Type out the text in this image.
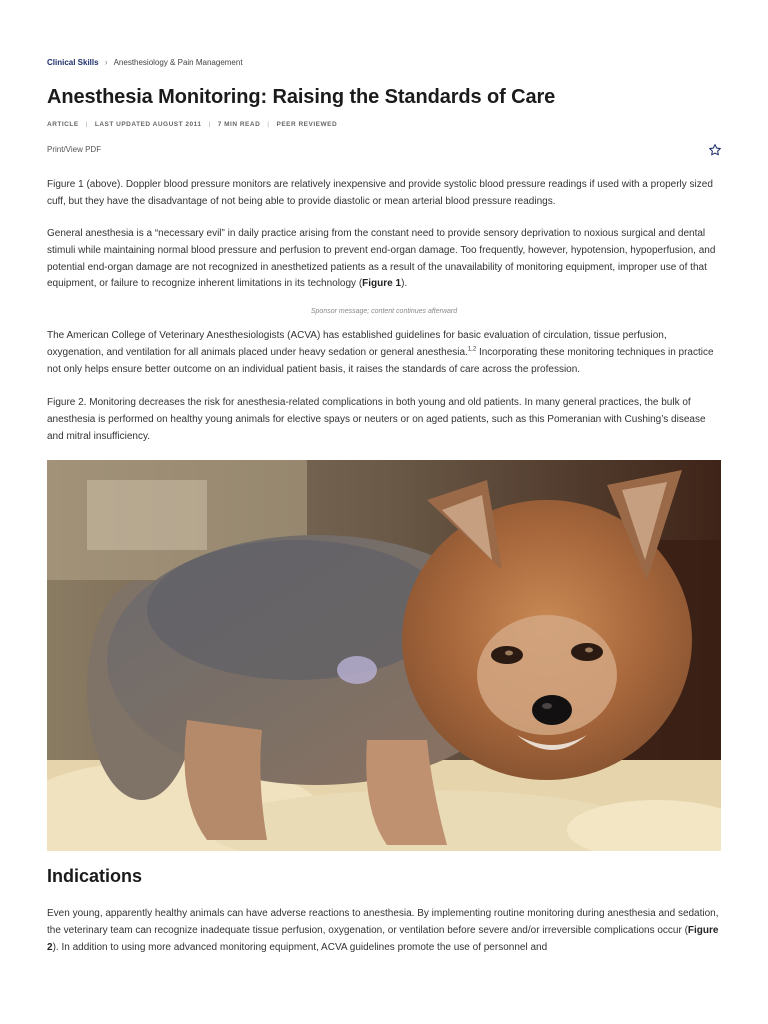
Clinical Skills › Anesthesiology & Pain Management
Anesthesia Monitoring: Raising the Standards of Care
ARTICLE | LAST UPDATED AUGUST 2011 | 7 MIN READ | PEER REVIEWED
Print/View PDF

Figure 1 (above). Doppler blood pressure monitors are relatively inexpensive and provide systolic blood pressure readings if used with a properly sized cuff, but they have the disadvantage of not being able to provide diastolic or mean arterial blood pressure readings.

General anesthesia is a “necessary evil” in daily practice arising from the constant need to provide sensory deprivation to noxious surgical and dental stimuli while maintaining normal blood pressure and perfusion to prevent end-organ damage. Too frequently, however, hypotension, hypoperfusion, and potential end-organ damage are not recognized in anesthetized patients as a result of the unavailability of monitoring equipment, improper use of that equipment, or failure to recognize inherent limitations in its technology (Figure 1).

Sponsor message; content continues afterward

The American College of Veterinary Anesthesiologists (ACVA) has established guidelines for basic evaluation of circulation, tissue perfusion, oxygenation, and ventilation for all animals placed under heavy sedation or general anesthesia.$^{1,2}$ Incorporating these monitoring techniques in practice not only helps ensure better outcome on an individual patient basis, it raises the standards of care across the profession.

Figure 2. Monitoring decreases the risk for anesthesia-related complications in both young and old patients. In many general practices, the bulk of anesthesia is performed on healthy young animals for elective spays or neuters or on aged patients, such as this Pomeranian with Cushing’s disease and mitral insufficiency.

Indications

Even young, apparently healthy animals can have adverse reactions to anesthesia. By implementing routine monitoring during anesthesia and sedation, the veterinary team can recognize inadequate tissue perfusion, oxygenation, or ventilation before severe and/or irreversible complications occur (Figure 2). In addition to using more advanced monitoring equipment, ACVA guidelines promote the use of personnel and
